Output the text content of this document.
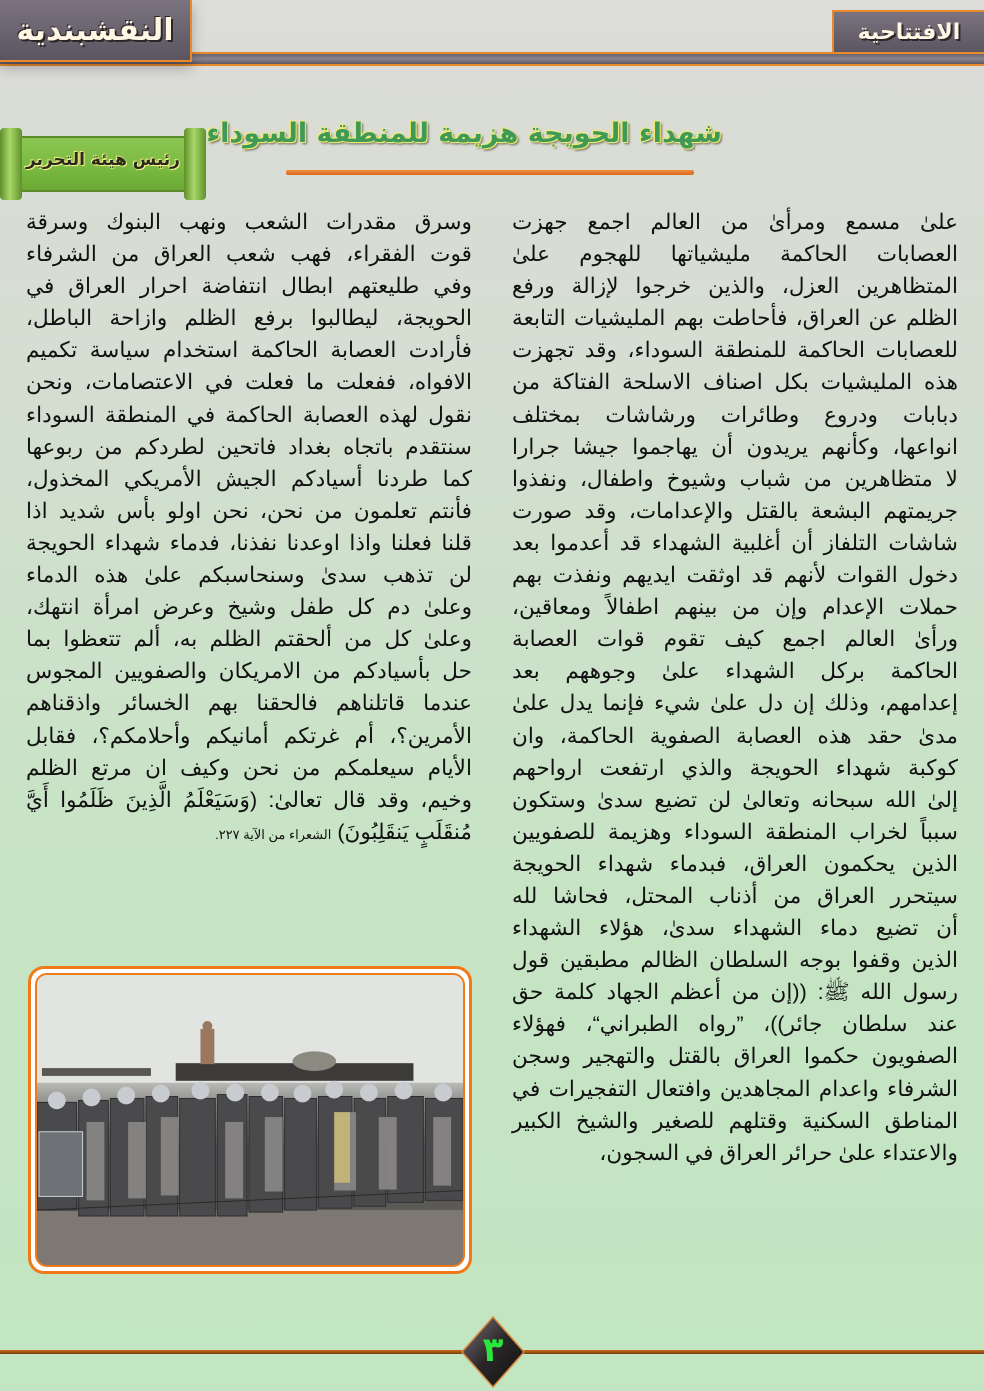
النقشبندية	الافتتاحية
رئيس هيئة التحرير
شهداء الحويجة هزيمة للمنطقة السوداء
علىٰ مسمع ومرأىٰ من العالم اجمع جهزت
العصابات الحاكمة مليشياتها للهجوم علىٰ
المتظاهرين العزل، والذين خرجوا لإزالة ورفع
الظلم عن العراق، فأحاطت بهم المليشيات التابعة
للعصابات الحاكمة للمنطقة السوداء، وقد تجهزت
هذه المليشيات بكل اصناف الاسلحة الفتاكة من
دبابات ودروع وطائرات ورشاشات بمختلف
انواعها، وكأنهم يريدون أن يهاجموا جيشا جرارا
لا متظاهرين من شباب وشيوخ واطفال، ونفذوا
جريمتهم البشعة بالقتل والإعدامات، وقد صورت
شاشات التلفاز أن أغلبية الشهداء قد أعدموا بعد
دخول القوات لأنهم قد اوثقت ايديهم ونفذت بهم
حملات الإعدام وإن من بينهم اطفالاً ومعاقين،
ورأىٰ العالم اجمع كيف تقوم قوات العصابة
الحاكمة بركل الشهداء علىٰ وجوههم بعد
إعدامهم، وذلك إن دل علىٰ شيء فإنما يدل علىٰ
مدىٰ حقد هذه العصابة الصفوية الحاكمة، وان
كوكبة شهداء الحويجة والذي ارتفعت ارواحهم
إلىٰ الله سبحانه وتعالىٰ لن تضيع سدىٰ وستكون
سبباً لخراب المنطقة السوداء وهزيمة للصفويين
الذين يحكمون العراق، فبدماء شهداء الحويجة
سيتحرر العراق من أذناب المحتل، فحاشا لله
أن تضيع دماء الشهداء سدىٰ، هؤلاء الشهداء
الذين وقفوا بوجه السلطان الظالم مطبقين قول
رسول الله ﷺ: ((إن من أعظم الجهاد كلمة حق
عند سلطان جائر))، ”رواه الطبراني“، فهؤلاء
الصفويون حكموا العراق بالقتل والتهجير وسجن
الشرفاء واعدام المجاهدين وافتعال التفجيرات في
المناطق السكنية وقتلهم للصغير والشيخ الكبير
والاعتداء علىٰ حرائر العراق في السجون،
وسرق مقدرات الشعب ونهب البنوك وسرقة
قوت الفقراء، فهب شعب العراق من الشرفاء
وفي طليعتهم ابطال انتفاضة احرار العراق في
الحويجة، ليطالبوا برفع الظلم وازاحة الباطل،
فأرادت العصابة الحاكمة استخدام سياسة تكميم
الافواه، ففعلت ما فعلت في الاعتصامات، ونحن
نقول لهذه العصابة الحاكمة في المنطقة السوداء
سنتقدم باتجاه بغداد فاتحين لطردكم من ربوعها
كما طردنا أسيادكم الجيش الأمريكي المخذول،
فأنتم تعلمون من نحن، نحن اولو بأس شديد اذا
قلنا فعلنا واذا اوعدنا نفذنا، فدماء شهداء الحويجة
لن تذهب سدىٰ وسنحاسبكم علىٰ هذه الدماء
وعلىٰ دم كل طفل وشيخ وعرض امرأة انتهك،
وعلىٰ كل من ألحقتم الظلم به، ألم تتعظوا بما
حل بأسيادكم من الامريكان والصفويين المجوس
عندما قاتلناهم فالحقنا بهم الخسائر واذقناهم
الأمرين؟، أم غرتكم أمانيكم وأحلامكم؟، فقابل
الأيام سيعلمكم من نحن وكيف ان مرتع الظلم
وخيم، وقد قال تعالىٰ: (وَسَيَعْلَمُ الَّذِينَ ظَلَمُوا أَيَّ
مُنقَلَبٍ يَنقَلِبُونَ) الشعراء من الآية ٢٢٧.
٣
